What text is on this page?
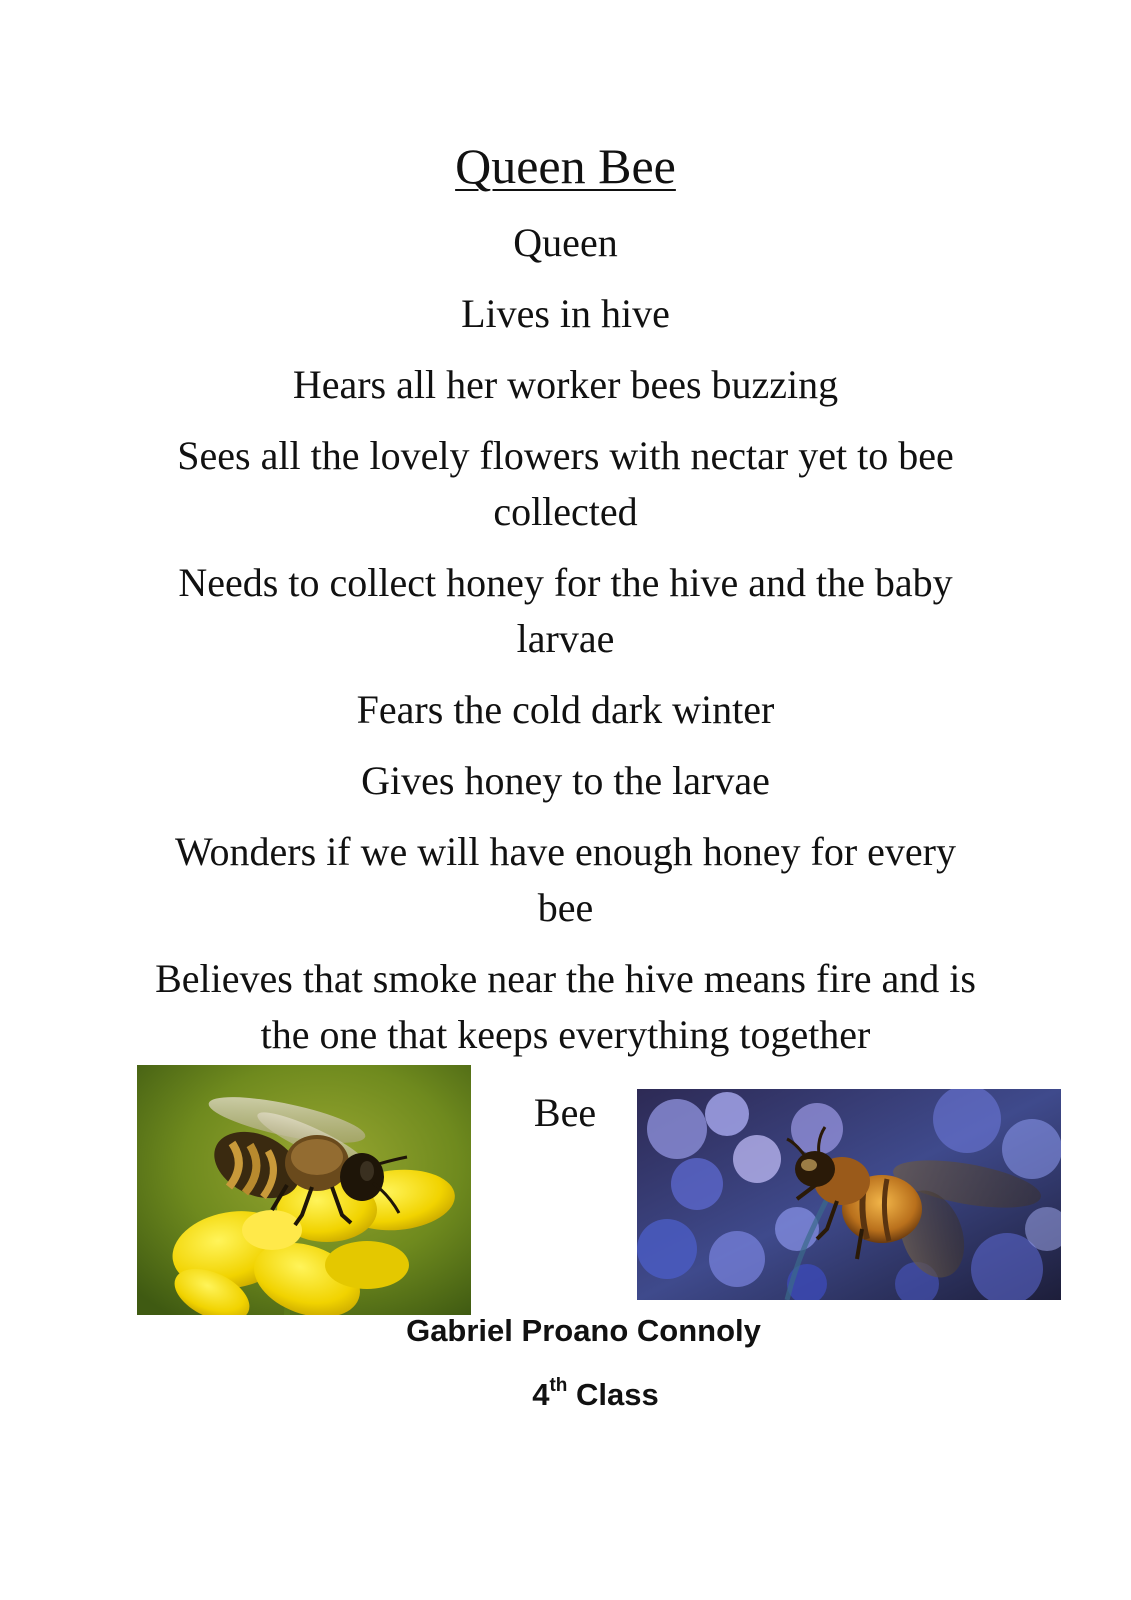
Queen Bee
Queen
Lives in hive
Hears all her worker bees buzzing
Sees all the lovely flowers with nectar yet to bee collected
Needs to collect honey for the hive and the baby larvae
Fears the cold dark winter
Gives honey to the larvae
Wonders if we will have enough honey for every bee
Believes that smoke near the hive means fire and is the one that keeps everything together
Bee
Gabriel Proano Connoly
4th Class
